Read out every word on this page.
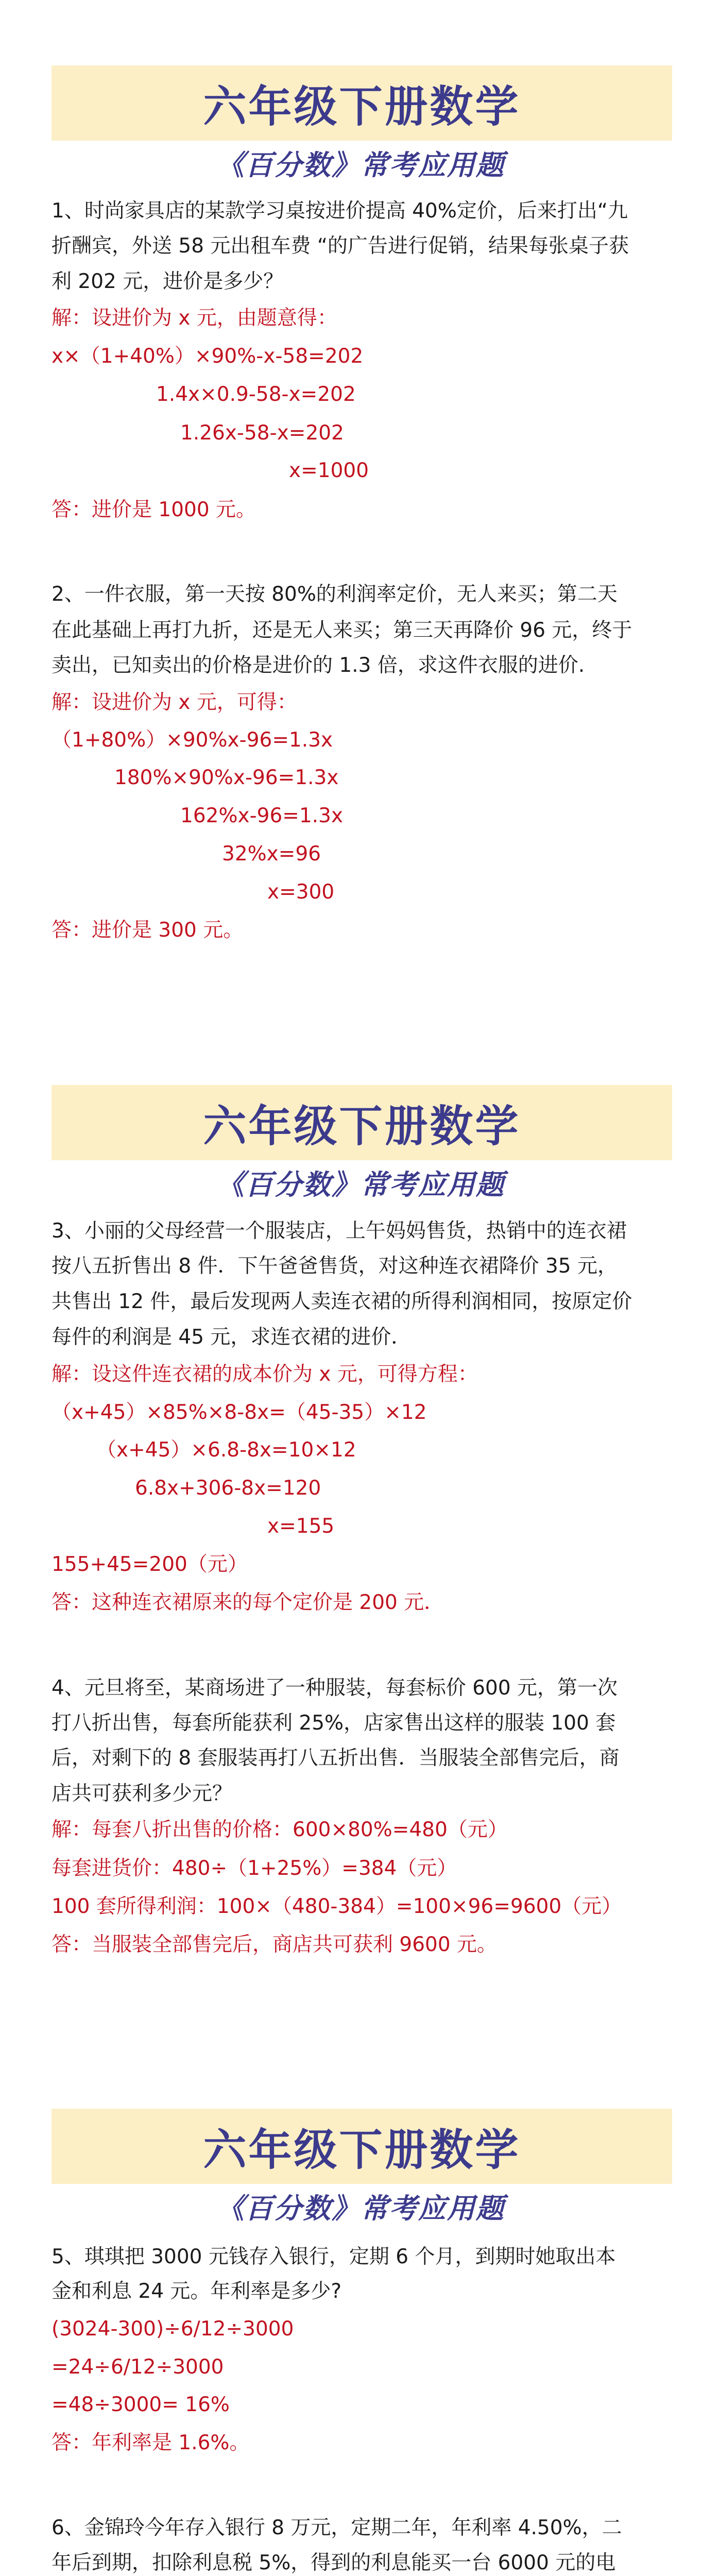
六年级下册数学
《百分数》常考应用题
1、时尚家具店的某款学习桌按进价提高 40%定价，后来打出“九
折酬宾，外送 58 元出租车费 “的广告进行促销，结果每张桌子获
利 202 元，进价是多少？
解：设进价为 x 元，由题意得：
x×（1+40%）×90%-x-58=202
1.4x×0.9-58-x=202
1.26x-58-x=202
x=1000
答：进价是 1000 元。
2、一件衣服，第一天按 80%的利润率定价，无人来买；第二天
在此基础上再打九折，还是无人来买；第三天再降价 96 元，终于
卖出，已知卖出的价格是进价的 1.3 倍，求这件衣服的进价.
解：设进价为 x 元，可得：
（1+80%）×90%x-96=1.3x
180%×90%x-96=1.3x
162%x-96=1.3x
32%x=96
x=300
答：进价是 300 元。
六年级下册数学
《百分数》常考应用题
3、小丽的父母经营一个服装店，上午妈妈售货，热销中的连衣裙
按八五折售出 8 件．下午爸爸售货，对这种连衣裙降价 35 元，
共售出 12 件，最后发现两人卖连衣裙的所得利润相同，按原定价
每件的利润是 45 元，求连衣裙的进价．
解：设这件连衣裙的成本价为 x 元，可得方程：
（x+45）×85%×8-8x=（45-35）×12
（x+45）×6.8-8x=10×12
6.8x+306-8x=120
x=155
155+45=200（元）
答：这种连衣裙原来的每个定价是 200 元．
4、元旦将至，某商场进了一种服装，每套标价 600 元，第一次
打八折出售，每套所能获利 25%，店家售出这样的服装 100 套
后，对剩下的 8 套服装再打八五折出售．当服装全部售完后，商
店共可获利多少元？
解：每套八折出售的价格：600×80%=480（元）
每套进货价：480÷（1+25%）=384（元）
100 套所得利润：100×（480-384）=100×96=9600（元）
答：当服装全部售完后，商店共可获利 9600 元。
六年级下册数学
《百分数》常考应用题
5、琪琪把 3000 元钱存入银行，定期 6 个月，到期时她取出本
金和利息 24 元。年利率是多少?
(3024-300)÷6/12÷3000
=24÷6/12÷3000
=48÷3000= 16%
答：年利率是 1.6%。
6、金锦玲今年存入银行 8 万元，定期二年，年利率 4.50%，二
年后到期，扣除利息税 5%，得到的利息能买一台 6000 元的电
